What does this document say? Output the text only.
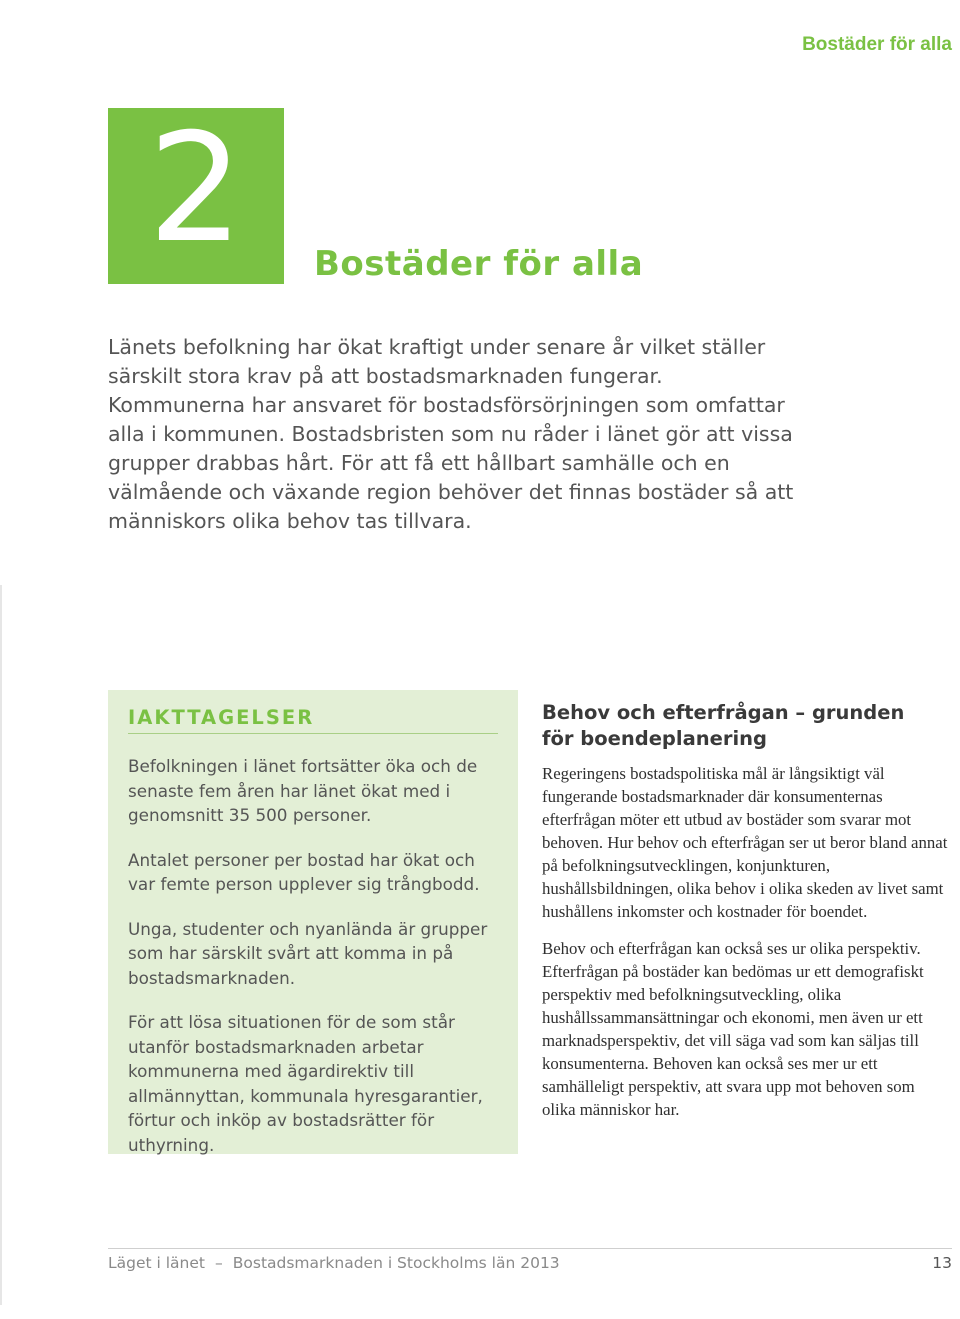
Bostäder för alla
2 Bostäder för alla

Länets befolkning har ökat kraftigt under senare år vilket ställer särskilt stora krav på att bostadsmarknaden fungerar. Kommunerna har ansvaret för bostadsförsörjningen som omfattar alla i kommunen. Bostadsbristen som nu råder i länet gör att vissa grupper drabbas hårt. För att få ett hållbart samhälle och en välmående och växande region behöver det finnas bostäder så att människors olika behov tas tillvara.

IAKTTAGELSER

Befolkningen i länet fortsätter öka och de senaste fem åren har länet ökat med i genomsnitt 35 500 personer.

Antalet personer per bostad har ökat och var femte person upplever sig trångbodd.

Unga, studenter och nyanlända är grupper som har särskilt svårt att komma in på bostadsmarknaden.

För att lösa situationen för de som står utanför bostadsmarknaden arbetar kommunerna med ägardirektiv till allmännyttan, kommunala hyresgarantier, förtur och inköp av bostadsrätter för uthyrning.

Behov och efterfrågan – grunden för boendeplanering

Regeringens bostadspolitiska mål är långsiktigt väl fungerande bostadsmarknader där konsumenternas efterfrågan möter ett utbud av bostäder som svarar mot behoven. Hur behov och efterfrågan ser ut beror bland annat på befolkningsutvecklingen, konjunkturen, hushållsbildningen, olika behov i olika skeden av livet samt hushållens inkomster och kostnader för boendet.

Behov och efterfrågan kan också ses ur olika perspektiv. Efterfrågan på bostäder kan bedömas ur ett demografiskt perspektiv med befolkningsutveckling, olika hushållssammansättningar och ekonomi, men även ur ett marknadsperspektiv, det vill säga vad som kan säljas till konsumenterna. Behoven kan också ses mer ur ett samhälleligt perspektiv, att svara upp mot behoven som olika människor har.

Läget i länet – Bostadsmarknaden i Stockholms län 2013	13
